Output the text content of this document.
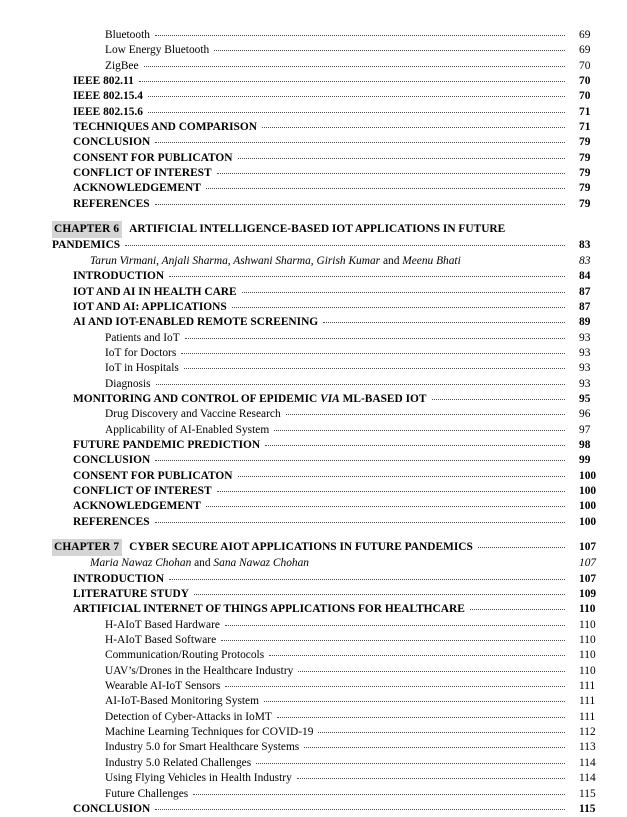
Bluetooth	69
Low Energy Bluetooth	69
ZigBee	70
IEEE 802.11	70
IEEE 802.15.4	70
IEEE 802.15.6	71
TECHNIQUES AND COMPARISON	71
CONCLUSION	79
CONSENT FOR PUBLICATON	79
CONFLICT OF INTEREST	79
ACKNOWLEDGEMENT	79
REFERENCES	79
CHAPTER 6 ARTIFICIAL INTELLIGENCE-BASED IOT APPLICATIONS IN FUTURE
PANDEMICS	83
Tarun Virmani, Anjali Sharma, Ashwani Sharma, Girish Kumar and Meenu Bhati	83
INTRODUCTION	84
IOT AND AI IN HEALTH CARE	87
IOT AND AI: APPLICATIONS	87
AI AND IOT-ENABLED REMOTE SCREENING	89
Patients and IoT	93
IoT for Doctors	93
IoT in Hospitals	93
Diagnosis	93
MONITORING AND CONTROL OF EPIDEMIC VIA ML-BASED IOT	95
Drug Discovery and Vaccine Research	96
Applicability of AI-Enabled System	97
FUTURE PANDEMIC PREDICTION	98
CONCLUSION	99
CONSENT FOR PUBLICATON	100
CONFLICT OF INTEREST	100
ACKNOWLEDGEMENT	100
REFERENCES	100
CHAPTER 7 CYBER SECURE AIOT APPLICATIONS IN FUTURE PANDEMICS	107
Maria Nawaz Chohan and Sana Nawaz Chohan	107
INTRODUCTION	107
LITERATURE STUDY	109
ARTIFICIAL INTERNET OF THINGS APPLICATIONS FOR HEALTHCARE	110
H-AIoT Based Hardware	110
H-AIoT Based Software	110
Communication/Routing Protocols	110
UAV’s/Drones in the Healthcare Industry	110
Wearable AI-IoT Sensors	111
AI-IoT-Based Monitoring System	111
Detection of Cyber-Attacks in IoMT	111
Machine Learning Techniques for COVID-19	112
Industry 5.0 for Smart Healthcare Systems	113
Industry 5.0 Related Challenges	114
Using Flying Vehicles in Health Industry	114
Future Challenges	115
CONCLUSION	115
